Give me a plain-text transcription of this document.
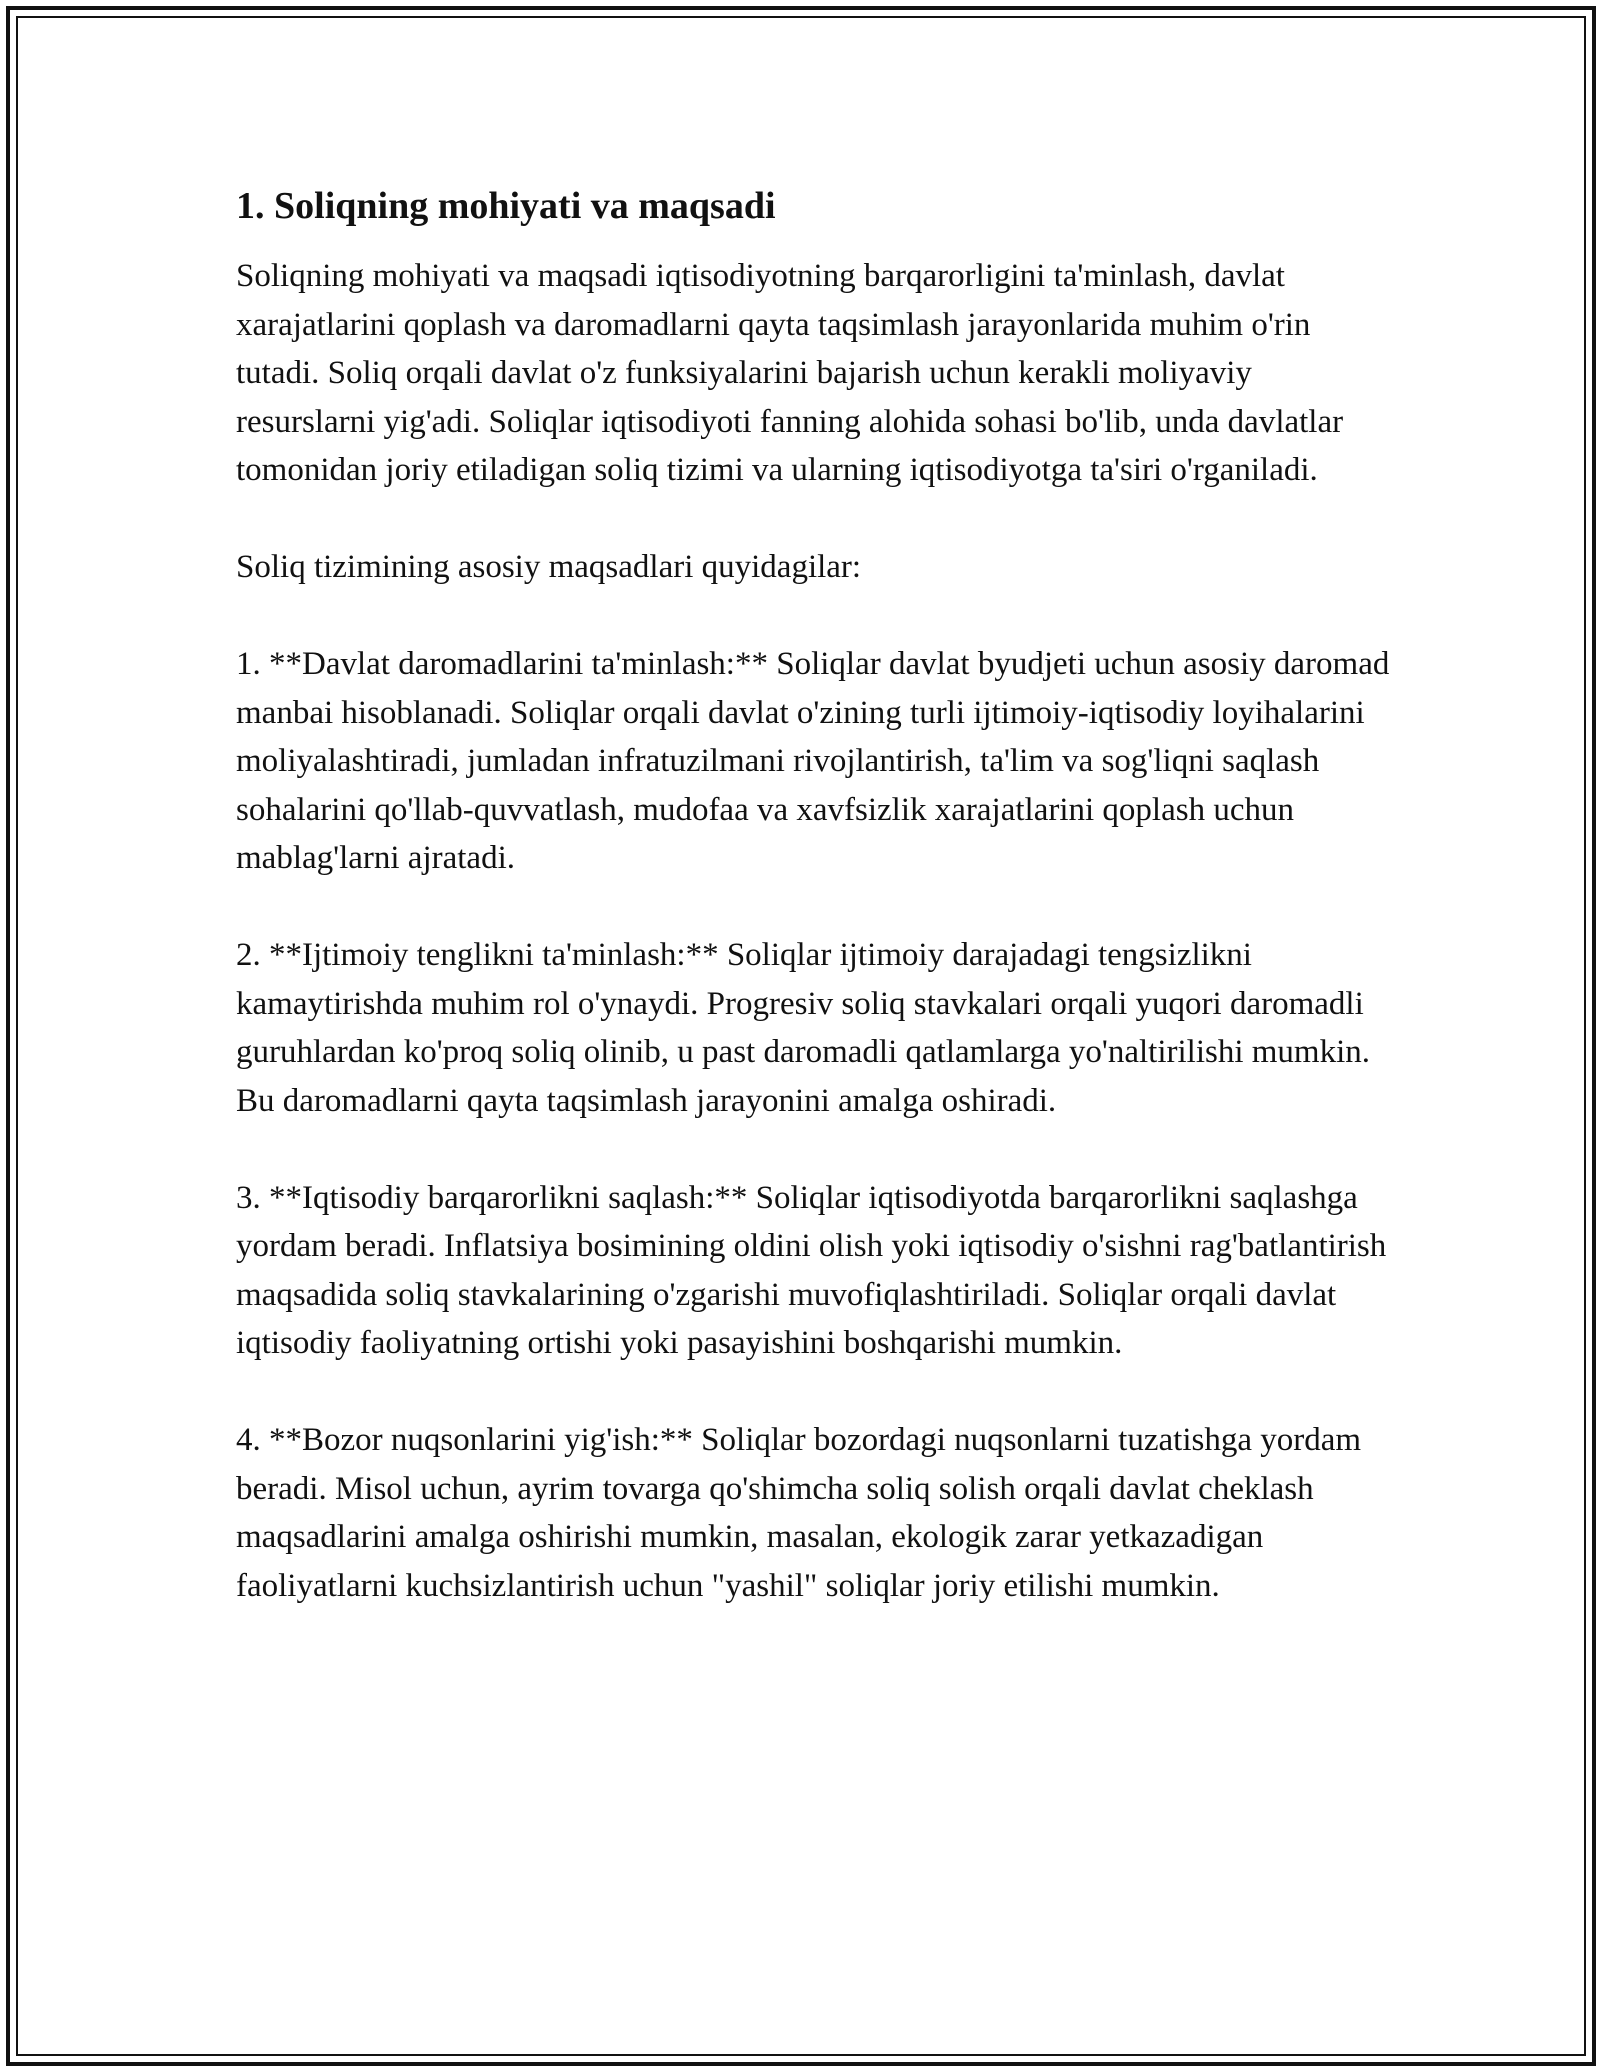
1. Soliqning mohiyati va maqsadi

Soliqning mohiyati va maqsadi iqtisodiyotning barqarorligini ta'minlash, davlat xarajatlarini qoplash va daromadlarni qayta taqsimlash jarayonlarida muhim o'rin tutadi. Soliq orqali davlat o'z funksiyalarini bajarish uchun kerakli moliyaviy resurslarni yig'adi. Soliqlar iqtisodiyoti fanning alohida sohasi bo'lib, unda davlatlar tomonidan joriy etiladigan soliq tizimi va ularning iqtisodiyotga ta'siri o'rganiladi.

Soliq tizimining asosiy maqsadlari quyidagilar:

1. **Davlat daromadlarini ta'minlash:** Soliqlar davlat byudjeti uchun asosiy daromad manbai hisoblanadi. Soliqlar orqali davlat o'zining turli ijtimoiy-iqtisodiy loyihalarini moliyalashtiradi, jumladan infratuzilmani rivojlantirish, ta'lim va sog'liqni saqlash sohalarini qo'llab-quvvatlash, mudofaa va xavfsizlik xarajatlarini qoplash uchun mablag'larni ajratadi.

2. **Ijtimoiy tenglikni ta'minlash:** Soliqlar ijtimoiy darajadagi tengsizlikni kamaytirishda muhim rol o'ynaydi. Progresiv soliq stavkalari orqali yuqori daromadli guruhlardan ko'proq soliq olinib, u past daromadli qatlamlarga yo'naltirilishi mumkin. Bu daromadlarni qayta taqsimlash jarayonini amalga oshiradi.

3. **Iqtisodiy barqarorlikni saqlash:** Soliqlar iqtisodiyotda barqarorlikni saqlashga yordam beradi. Inflatsiya bosimining oldini olish yoki iqtisodiy o'sishni rag'batlantirish maqsadida soliq stavkalarining o'zgarishi muvofiqlashtiriladi. Soliqlar orqali davlat iqtisodiy faoliyatning ortishi yoki pasayishini boshqarishi mumkin.

4. **Bozor nuqsonlarini yig'ish:** Soliqlar bozordagi nuqsonlarni tuzatishga yordam beradi. Misol uchun, ayrim tovarga qo'shimcha soliq solish orqali davlat cheklash maqsadlarini amalga oshirishi mumkin, masalan, ekologik zarar yetkazadigan faoliyatlarni kuchsizlantirish uchun "yashil" soliqlar joriy etilishi mumkin.
